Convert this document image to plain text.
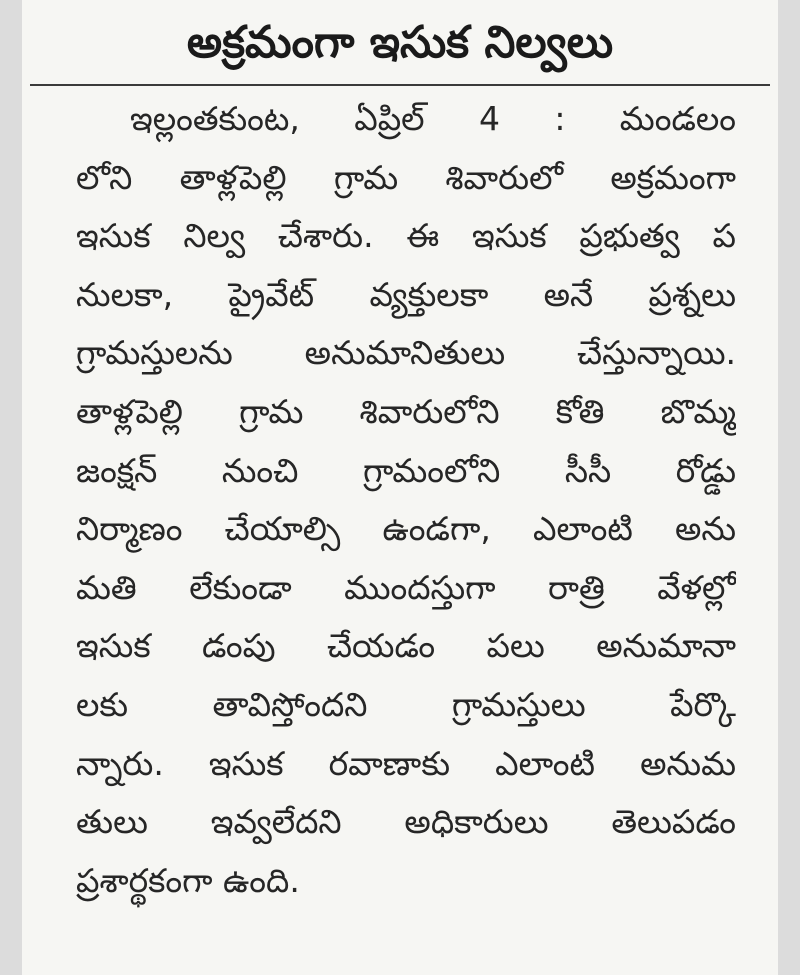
అక్రమంగా ఇసుక నిల్వలు
ఇల్లంతకుంట, ఏప్రిల్ 4 : మండలం
లోని తాళ్లపెల్లి గ్రామ శివారులో అక్రమంగా
ఇసుక నిల్వ చేశారు. ఈ ఇసుక ప్రభుత్వ ప
నులకా, ప్రైవేట్ వ్యక్తులకా అనే ప్రశ్నలు
గ్రామస్తులను అనుమానితులు చేస్తున్నాయి.
తాళ్లపెల్లి గ్రామ శివారులోని కోతి బొమ్మ
జంక్షన్ నుంచి గ్రామంలోని సీసీ రోడ్డు
నిర్మాణం చేయాల్సి ఉండగా, ఎలాంటి అను
మతి లేకుండా ముందస్తుగా రాత్రి వేళల్లో
ఇసుక డంపు చేయడం పలు అనుమానా
లకు తావిస్తోందని గ్రామస్తులు పేర్కొ
న్నారు. ఇసుక రవాణాకు ఎలాంటి అనుమ
తులు ఇవ్వలేదని అధికారులు తెలుపడం
ప్రశార్థకంగా ఉంది.
